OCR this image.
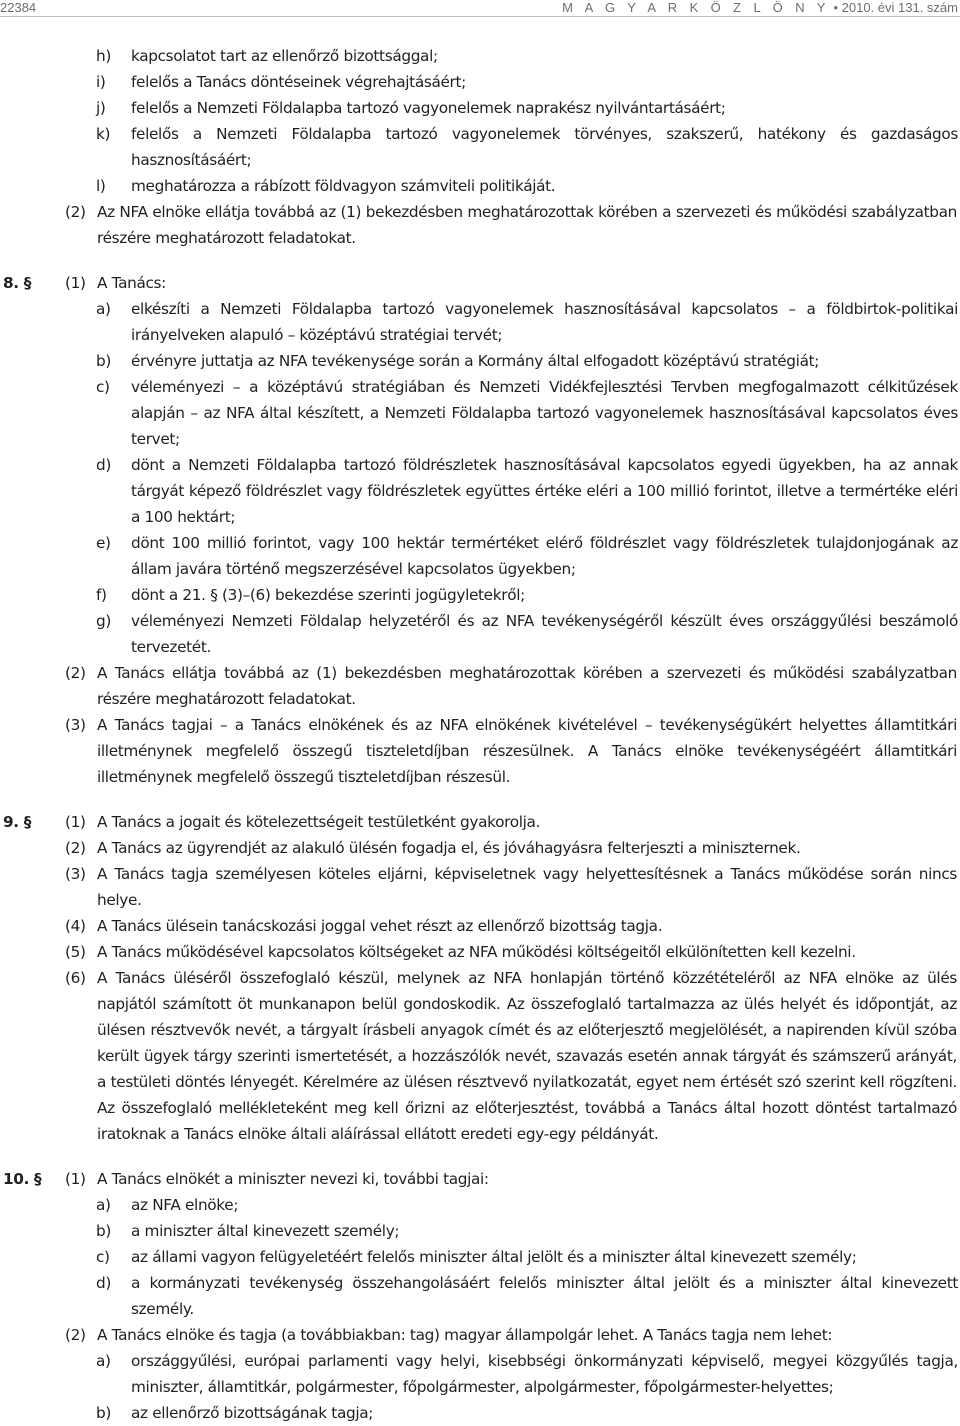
22384	M A G Y A R K Ö Z L Ö N Y • 2010. évi 131. szám
h)	kapcsolatot tart az ellenőrző bizottsággal;
i)	felelős a Tanács döntéseinek végrehajtásáért;
j)	felelős a Nemzeti Földalapba tartozó vagyonelemek naprakész nyilvántartásáért;
k)	felelős a Nemzeti Földalapba tartozó vagyonelemek törvényes, szakszerű, hatékony és gazdaságos hasznosításáért;
l)	meghatározza a rábízott földvagyon számviteli politikáját.
(2) Az NFA elnöke ellátja továbbá az (1) bekezdésben meghatározottak körében a szervezeti és működési szabályzatban részére meghatározott feladatokat.
8. §	(1) A Tanács:
a)	elkészíti a Nemzeti Földalapba tartozó vagyonelemek hasznosításával kapcsolatos – a földbirtok-politikai irányelveken alapuló – középtávú stratégiai tervét;
b)	érvényre juttatja az NFA tevékenysége során a Kormány által elfogadott középtávú stratégiát;
c)	véleményezi – a középtávú stratégiában és Nemzeti Vidékfejlesztési Tervben megfogalmazott célkitűzések alapján – az NFA által készített, a Nemzeti Földalapba tartozó vagyonelemek hasznosításával kapcsolatos éves tervet;
d)	dönt a Nemzeti Földalapba tartozó földrészletek hasznosításával kapcsolatos egyedi ügyekben, ha az annak tárgyát képező földrészlet vagy földrészletek együttes értéke eléri a 100 millió forintot, illetve a termértéke eléri a 100 hektárt;
e)	dönt 100 millió forintot, vagy 100 hektár termértéket elérő földrészlet vagy földrészletek tulajdonjogának az állam javára történő megszerzésével kapcsolatos ügyekben;
f)	dönt a 21. § (3)–(6) bekezdése szerinti jogügyletekről;
g)	véleményezi Nemzeti Földalap helyzetéről és az NFA tevékenységéről készült éves országgyűlési beszámoló tervezetét.
(2) A Tanács ellátja továbbá az (1) bekezdésben meghatározottak körében a szervezeti és működési szabályzatban részére meghatározott feladatokat.
(3) A Tanács tagjai – a Tanács elnökének és az NFA elnökének kivételével – tevékenységükért helyettes államtitkári illetménynek megfelelő összegű tiszteletdíjban részesülnek. A Tanács elnöke tevékenységéért államtitkári illetménynek megfelelő összegű tiszteletdíjban részesül.
9. §	(1) A Tanács a jogait és kötelezettségeit testületként gyakorolja.
(2) A Tanács az ügyrendjét az alakuló ülésén fogadja el, és jóváhagyásra felterjeszti a miniszternek.
(3) A Tanács tagja személyesen köteles eljárni, képviseletnek vagy helyettesítésnek a Tanács működése során nincs helye.
(4) A Tanács ülésein tanácskozási joggal vehet részt az ellenőrző bizottság tagja.
(5) A Tanács működésével kapcsolatos költségeket az NFA működési költségeitől elkülönítetten kell kezelni.
(6) A Tanács üléséről összefoglaló készül, melynek az NFA honlapján történő közzétételéről az NFA elnöke az ülés napjától számított öt munkanapon belül gondoskodik. Az összefoglaló tartalmazza az ülés helyét és időpontját, az ülésen résztvevők nevét, a tárgyalt írásbeli anyagok címét és az előterjesztő megjelölését, a napirenden kívül szóba került ügyek tárgy szerinti ismertetését, a hozzászólók nevét, szavazás esetén annak tárgyát és számszerű arányát, a testületi döntés lényegét. Kérelmére az ülésen résztvevő nyilatkozatát, egyet nem értését szó szerint kell rögzíteni. Az összefoglaló mellékleteként meg kell őrizni az előterjesztést, továbbá a Tanács által hozott döntést tartalmazó iratoknak a Tanács elnöke általi aláírással ellátott eredeti egy-egy példányát.
10. §	(1) A Tanács elnökét a miniszter nevezi ki, további tagjai:
a)	az NFA elnöke;
b)	a miniszter által kinevezett személy;
c)	az állami vagyon felügyeletéért felelős miniszter által jelölt és a miniszter által kinevezett személy;
d)	a kormányzati tevékenység összehangolásáért felelős miniszter által jelölt és a miniszter által kinevezett személy.
(2) A Tanács elnöke és tagja (a továbbiakban: tag) magyar állampolgár lehet. A Tanács tagja nem lehet:
a)	országgyűlési, európai parlamenti vagy helyi, kisebbségi önkormányzati képviselő, megyei közgyűlés tagja, miniszter, államtitkár, polgármester, főpolgármester, alpolgármester, főpolgármester-helyettes;
b)	az ellenőrző bizottságának tagja;
